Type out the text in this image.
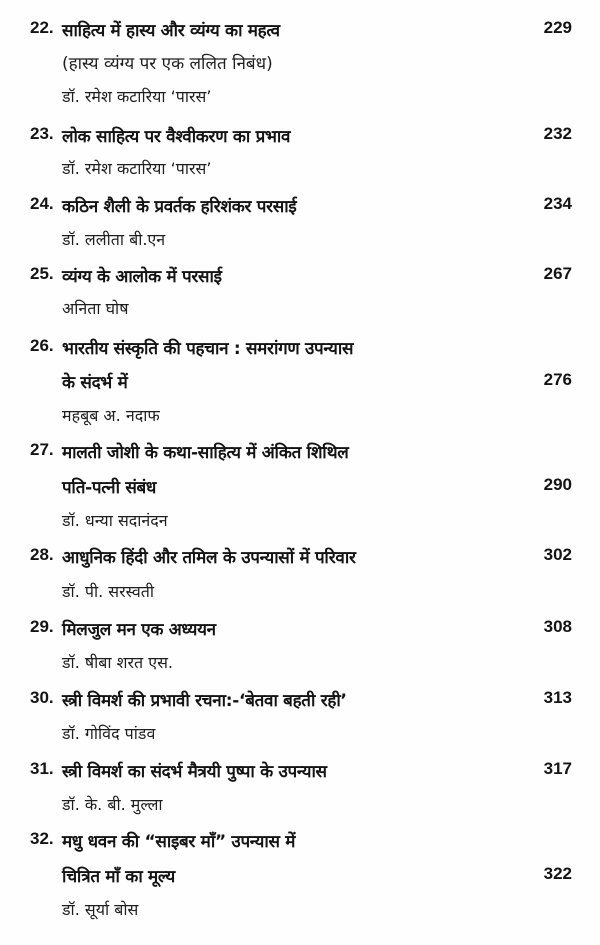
22. साहित्य में हास्य और व्यंग्य का महत्व	229
(हास्य व्यंग्य पर एक ललित निबंध)
डॉ. रमेश कटारिया ‘पारस’
23. लोक साहित्य पर वैश्वीकरण का प्रभाव	232
डॉ. रमेश कटारिया ‘पारस’
24. कठिन शैली के प्रवर्तक हरिशंकर परसाई	234
डॉ. ललीता बी.एन
25. व्यंग्य के आलोक में परसाई	267
अनिता घोष
26. भारतीय संस्कृति की पहचान : समरांगण उपन्यास
के संदर्भ में	276
महबूब अ. नदाफ
27. मालती जोशी के कथा-साहित्य में अंकित शिथिल
पति-पत्नी संबंध	290
डॉ. धन्या सदानंदन
28. आधुनिक हिंदी और तमिल के उपन्यासों में परिवार	302
डॉ. पी. सरस्वती
29. मिलजुल मन एक अध्ययन	308
डॉ. षीबा शरत एस.
30. स्त्री विमर्श की प्रभावी रचना:-‘बेतवा बहती रही’	313
डॉ. गोविंद पांडव
31. स्त्री विमर्श का संदर्भ मैत्रयी पुष्पा के उपन्यास	317
डॉ. के. बी. मुल्ला
32. मधु धवन की “साइबर माँ” उपन्यास में
चित्रित माँ का मूल्य	322
डॉ. सूर्या बोस
